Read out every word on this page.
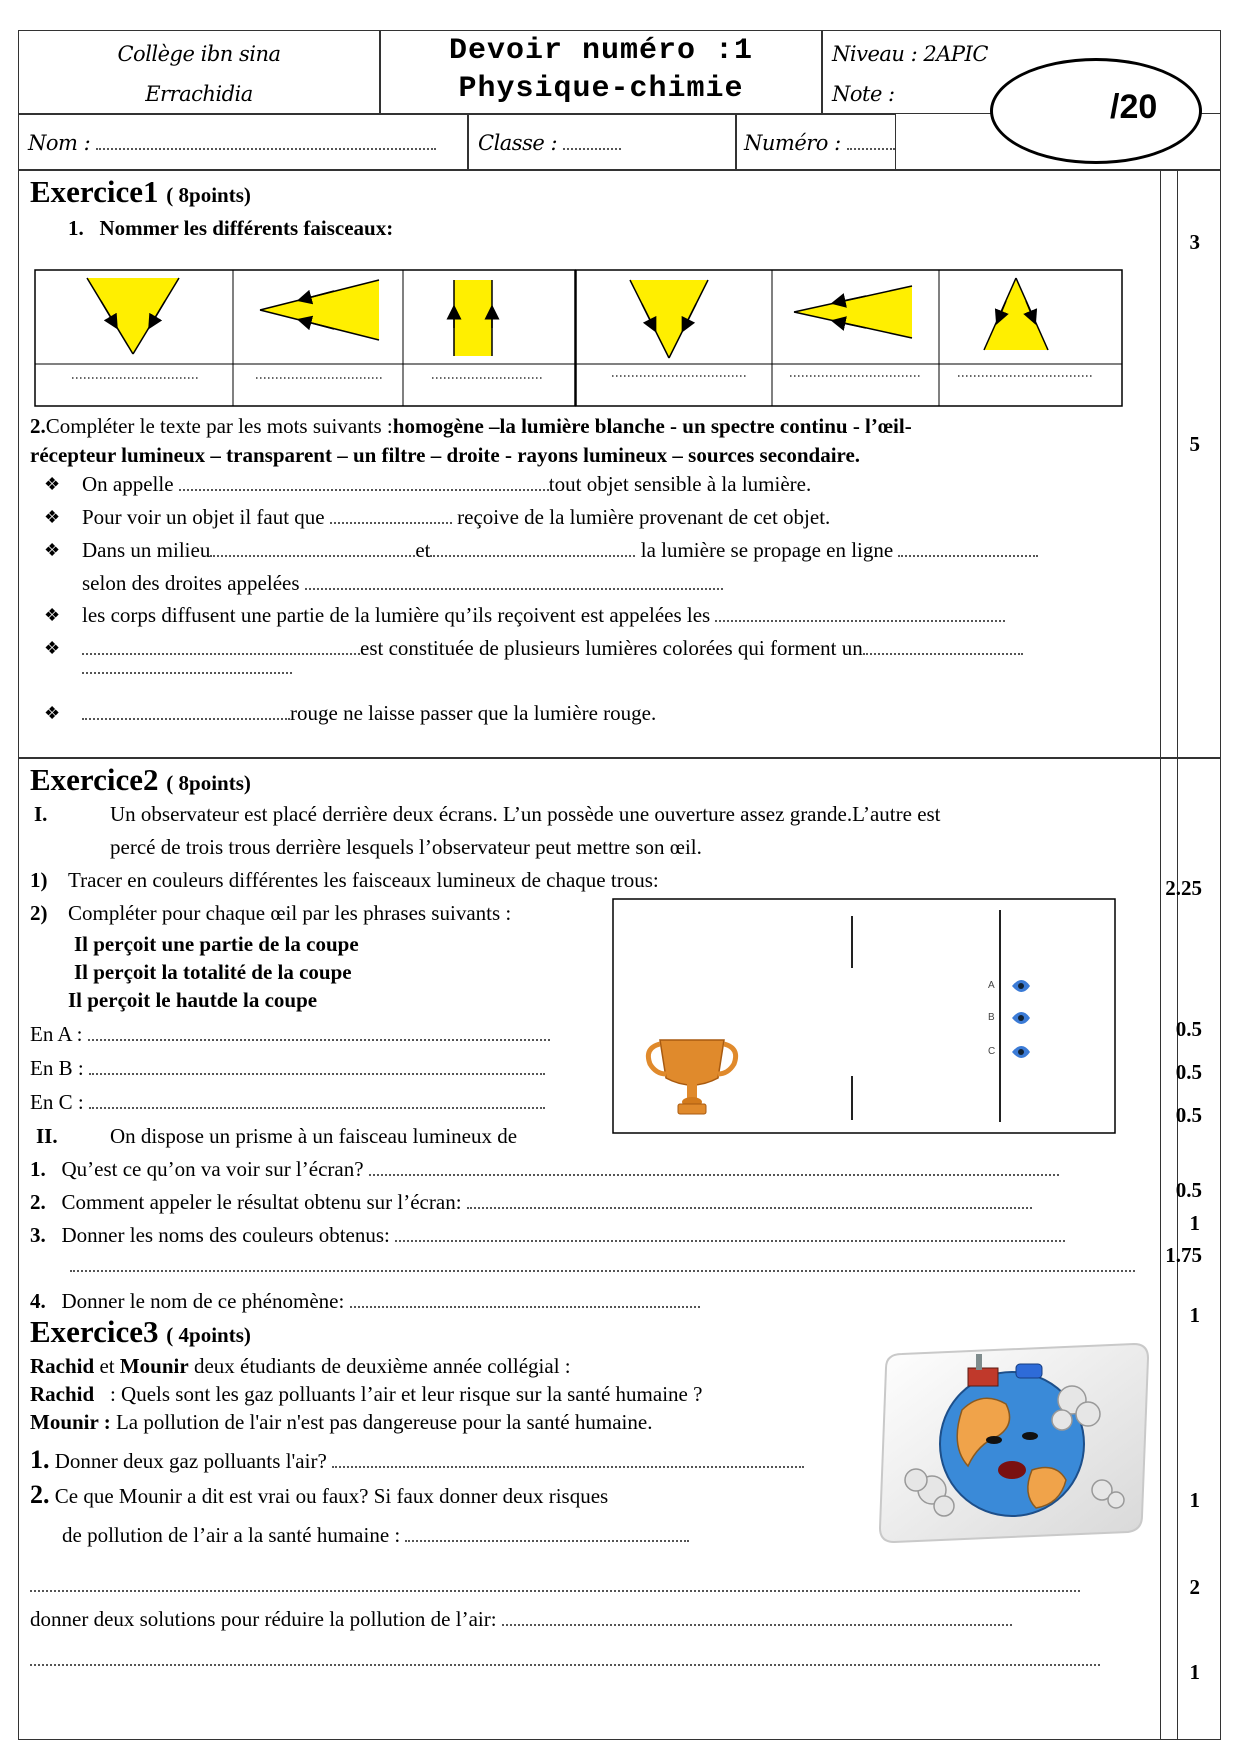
Collège ibn sina
Errachidia
Devoir numéro :1
Physique-chimie
Niveau : 2APIC
Note :	/20
Nom :	Classe :	Numéro :
Exercice1 ( 8points)
1. Nommer les différents faisceaux:
2.Compléter le texte par les mots suivants :homogène –la lumière blanche - un spectre continu - l’œil-
récepteur lumineux – transparent – un filtre – droite - rayons lumineux – sources secondaire.
❖ On appelle	tout objet sensible à la lumière.
❖ Pour voir un objet il faut que	reçoive de la lumière provenant de cet objet.
❖ Dans un milieu	et	la lumière se propage en ligne
selon des droites appelées
❖ les corps diffusent une partie de la lumière qu’ils reçoivent est appelées les
❖	est constituée de plusieurs lumières colorées qui forment un
❖	rouge ne laisse passer que la lumière rouge.
3
5
Exercice2 ( 8points)
I.	Un observateur est placé derrière deux écrans. L’un possède une ouverture assez grande.L’autre est
percé de trois trous derrière lesquels l’observateur peut mettre son œil.
1) Tracer en couleurs différentes les faisceaux lumineux de chaque trous:
2) Compléter pour chaque œil par les phrases suivants :
Il perçoit une partie de la coupe
Il perçoit la totalité de la coupe
Il perçoit le hautde la coupe
En A :
En B :
En C :
A
B
C
II. On dispose un prisme à un faisceau lumineux de
1. Qu’est ce qu’on va voir sur l’écran?
2. Comment appeler le résultat obtenu sur l’écran:
3. Donner les noms des couleurs obtenus:
4. Donner le nom de ce phénomène:
2.25
0.5
0.5
0.5
0.5
1
1.75
1
Exercice3 ( 4points)
Rachid et Mounir deux étudiants de deuxième année collégial :
Rachid : Quels sont les gaz polluants l’air et leur risque sur la santé humaine ?
Mounir : La pollution de l'air n'est pas dangereuse pour la santé humaine.
1. Donner deux gaz polluants l'air?
2. Ce que Mounir a dit est vrai ou faux? Si faux donner deux risques
de pollution de l’air a la santé humaine :
donner deux solutions pour réduire la pollution de l’air:
1
2
1
